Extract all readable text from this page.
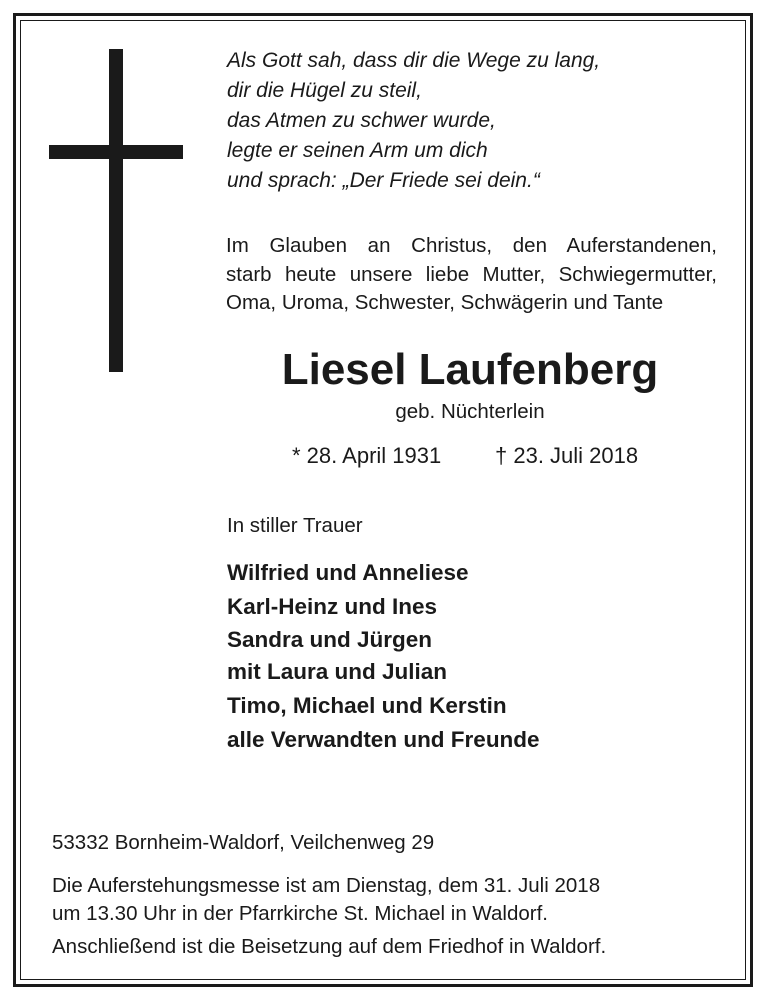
Als Gott sah, dass dir die Wege zu lang,
dir die Hügel zu steil,
das Atmen zu schwer wurde,
legte er seinen Arm um dich
und sprach: „Der Friede sei dein.“
Im Glauben an Christus, den Auferstandenen,
starb heute unsere liebe Mutter, Schwiegermutter,
Oma, Uroma, Schwester, Schwägerin und Tante
Liesel Laufenberg
geb. Nüchterlein
* 28. April 1931 † 23. Juli 2018
In stiller Trauer
Wilfried und Anneliese
Karl-Heinz und Ines
Sandra und Jürgen
mit Laura und Julian
Timo, Michael und Kerstin
alle Verwandten und Freunde
53332 Bornheim-Waldorf, Veilchenweg 29
Die Auferstehungsmesse ist am Dienstag, dem 31. Juli 2018
um 13.30 Uhr in der Pfarrkirche St. Michael in Waldorf.
Anschließend ist die Beisetzung auf dem Friedhof in Waldorf.
